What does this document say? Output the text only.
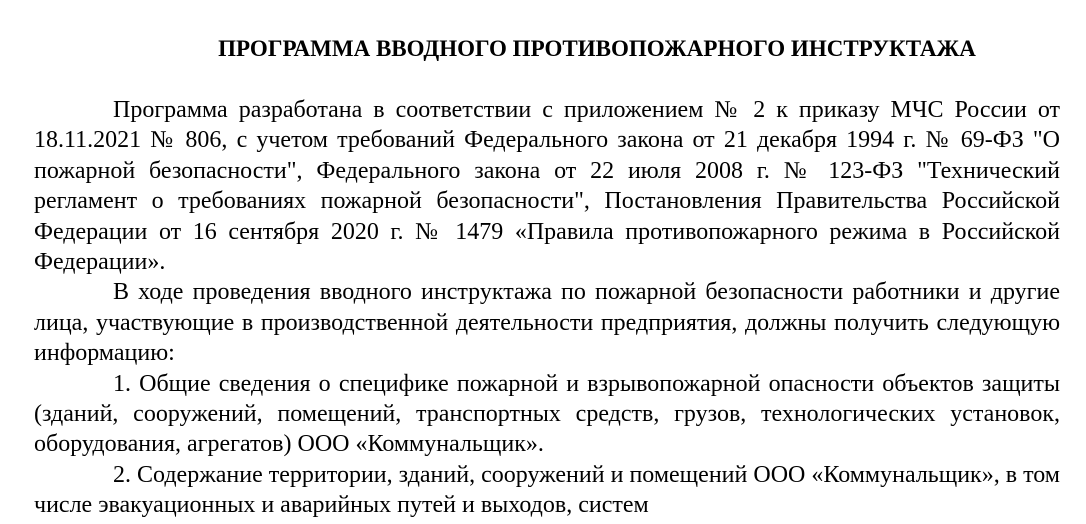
ПРОГРАММА ВВОДНОГО ПРОТИВОПОЖАРНОГО ИНСТРУКТАЖА

Программа разработана в соответствии с приложением № 2 к приказу МЧС России от 18.11.2021 № 806, с учетом требований Федерального закона от 21 декабря 1994 г. № 69-ФЗ "О пожарной безопасности", Федерального закона от 22 июля 2008 г. № 123-ФЗ "Технический регламент о требованиях пожарной безопасности", Постановления Правительства Российской Федерации от 16 сентября 2020 г. № 1479 «Правила противопожарного режима в Российской Федерации».

В ходе проведения вводного инструктажа по пожарной безопасности работники и другие лица, участвующие в производственной деятельности предприятия, должны получить следующую информацию:

1. Общие сведения о специфике пожарной и взрывопожарной опасности объектов защиты (зданий, сооружений, помещений, транспортных средств, грузов, технологических установок, оборудования, агрегатов) ООО «Коммунальщик».

2. Содержание территории, зданий, сооружений и помещений ООО «Коммунальщик», в том числе эвакуационных и аварийных путей и выходов, систем
